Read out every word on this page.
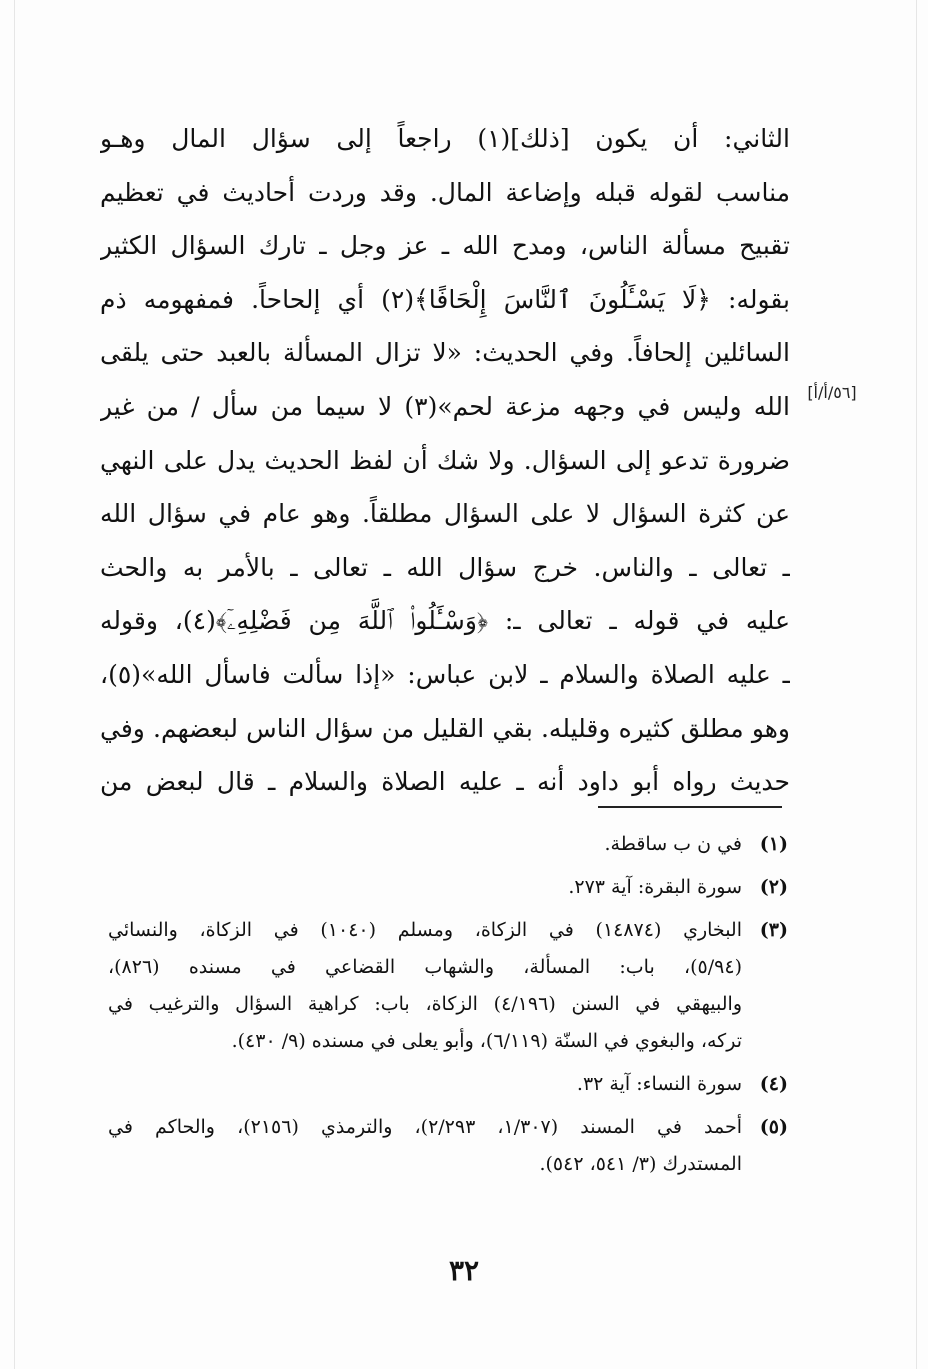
الثاني: أن يكون [ذلك](١) راجعاً إلى سؤال المال وهـو
مناسب لقوله قبله وإضاعة المال. وقد وردت أحاديث في تعظيم
تقبيح مسألة الناس، ومدح الله ـ عز وجل ـ تارك السؤال الكثير
بقوله: ﴿لَا يَسْـَٔلُونَ ٱلنَّاسَ إِلْحَافًا﴾(٢) أي إلحاحاً. فمفهومه ذم
السائلين إلحافاً. وفي الحديث: «لا تزال المسألة بالعبد حتى يلقى
الله وليس في وجهه مزعة لحم»(٣) لا سيما من سأل / من غير
ضرورة تدعو إلى السؤال. ولا شك أن لفظ الحديث يدل على النهي
عن كثرة السؤال لا على السؤال مطلقاً. وهو عام في سؤال الله
ـ تعالى ـ والناس. خرج سؤال الله ـ تعالى ـ بالأمر به والحث
عليه في قوله ـ تعالى ـ: ﴿وَسْـَٔلُوا۟ ٱللَّهَ مِن فَضْلِهِۦٓ﴾(٤)، وقوله
ـ عليه الصلاة والسلام ـ لابن عباس: «إذا سألت فاسأل الله»(٥)،
وهو مطلق كثيره وقليله. بقي القليل من سؤال الناس لبعضهم. وفي
حديث رواه أبو داود أنه ـ عليه الصلاة والسلام ـ قال لبعض من
[٥٦/أ/أ]
(١)
في ن ب ساقطة.
(٢)
سورة البقرة: آية ٢٧٣.
(٣)
البخاري (١٤٨٧٤) في الزكاة، ومسلم (١٠٤٠) في الزكاة، والنسائي
(٥/٩٤)، باب: المسألة، والشهاب القضاعي في مسنده (٨٢٦)،
والبيهقي في السنن (٤/١٩٦) الزكاة، باب: كراهية السؤال والترغيب في
تركه، والبغوي في السنّة (٦/١١٩)، وأبو يعلى في مسنده (٩/ ٤٣٠).
(٤)
سورة النساء: آية ٣٢.
(٥)
أحمد في المسند (١/٣٠٧، ٢/٢٩٣)، والترمذي (٢١٥٦)، والحاكم في
المستدرك (٣/ ٥٤١، ٥٤٢).
٣٢
